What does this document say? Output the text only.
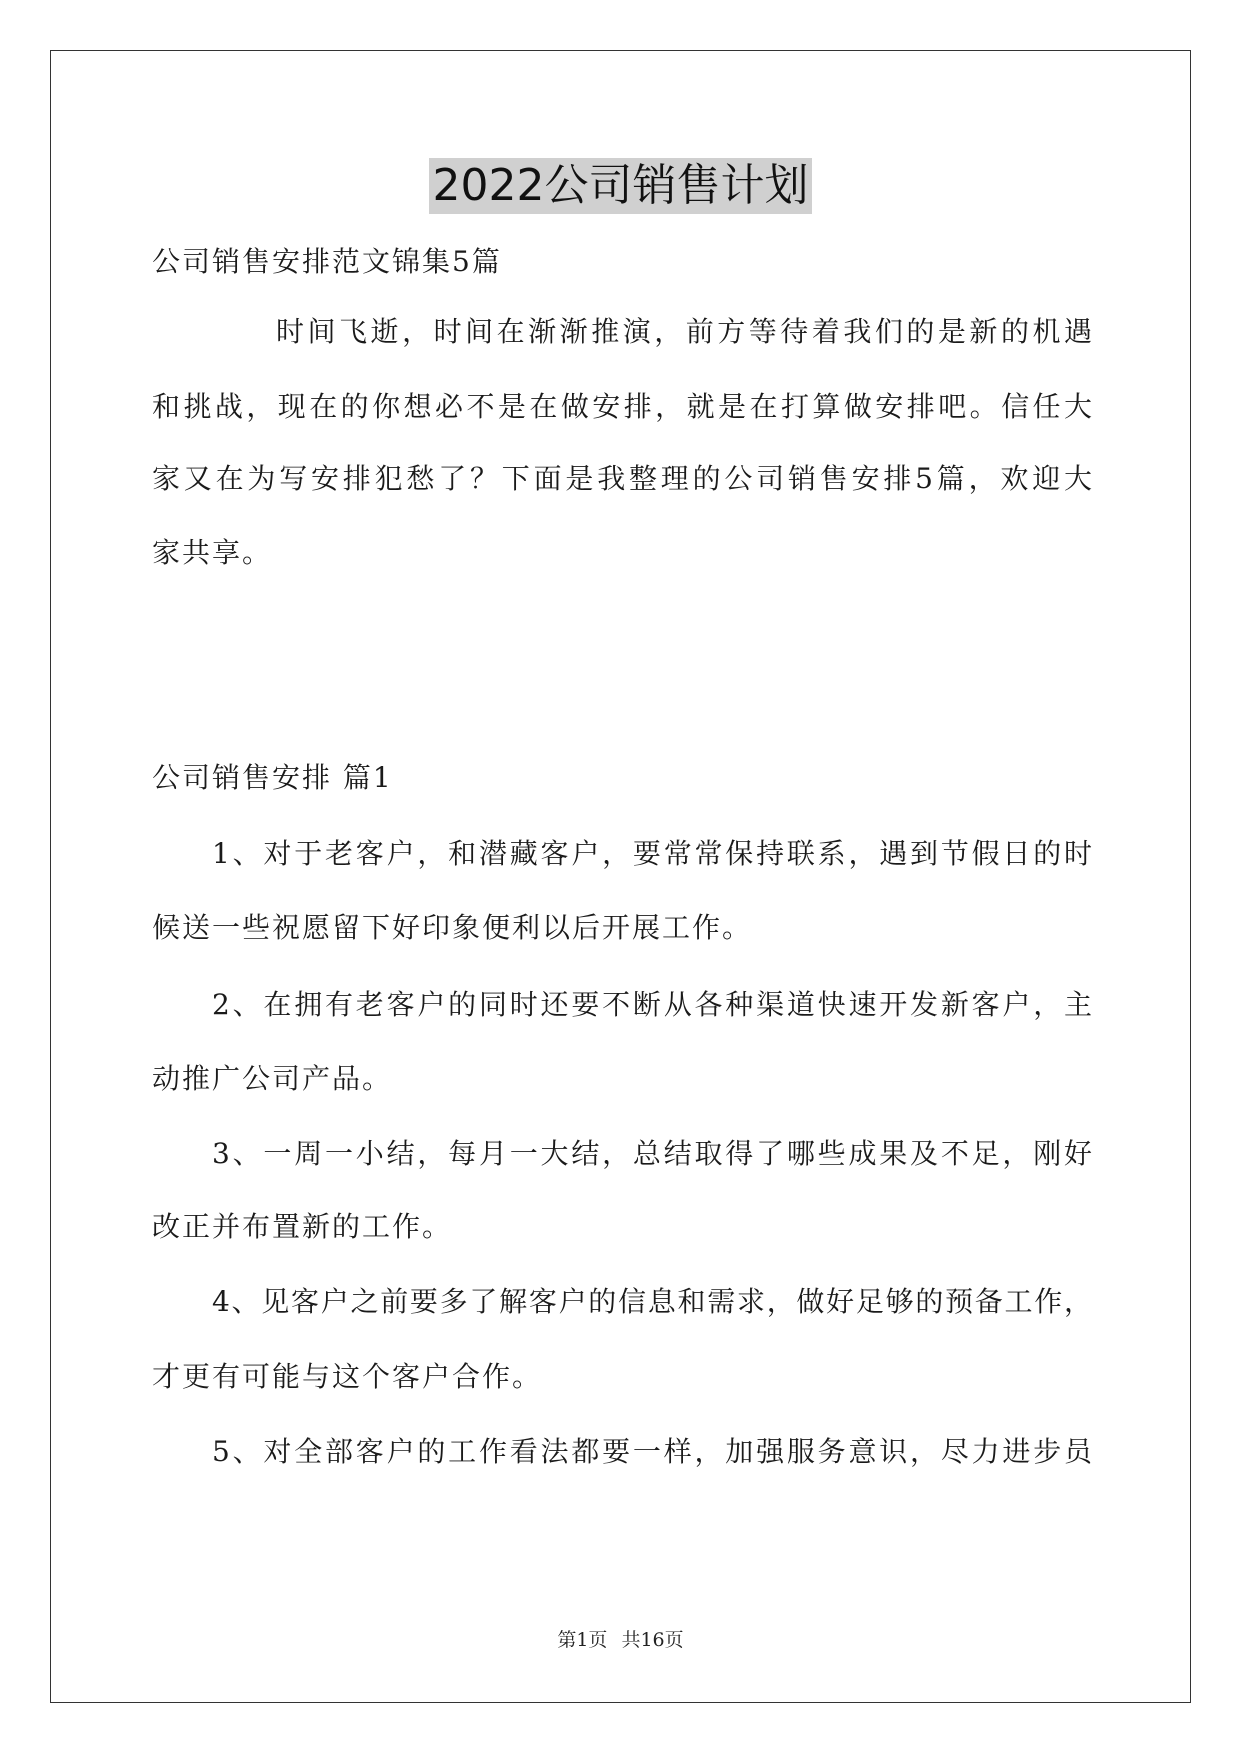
2022公司销售计划
公司销售安排范文锦集5篇
时间飞逝，时间在渐渐推演，前方等待着我们的是新的机遇
和挑战，现在的你想必不是在做安排，就是在打算做安排吧。信任大
家又在为写安排犯愁了？下面是我整理的公司销售安排5篇，欢迎大
家共享。
公司销售安排 篇1
1、对于老客户，和潜藏客户，要常常保持联系，遇到节假日的时
候送一些祝愿留下好印象便利以后开展工作。
2、在拥有老客户的同时还要不断从各种渠道快速开发新客户，主
动推广公司产品。
3、一周一小结，每月一大结，总结取得了哪些成果及不足，刚好
改正并布置新的工作。
4、见客户之前要多了解客户的信息和需求，做好足够的预备工作，
才更有可能与这个客户合作。
5、对全部客户的工作看法都要一样，加强服务意识，尽力进步员
第1页 共16页
